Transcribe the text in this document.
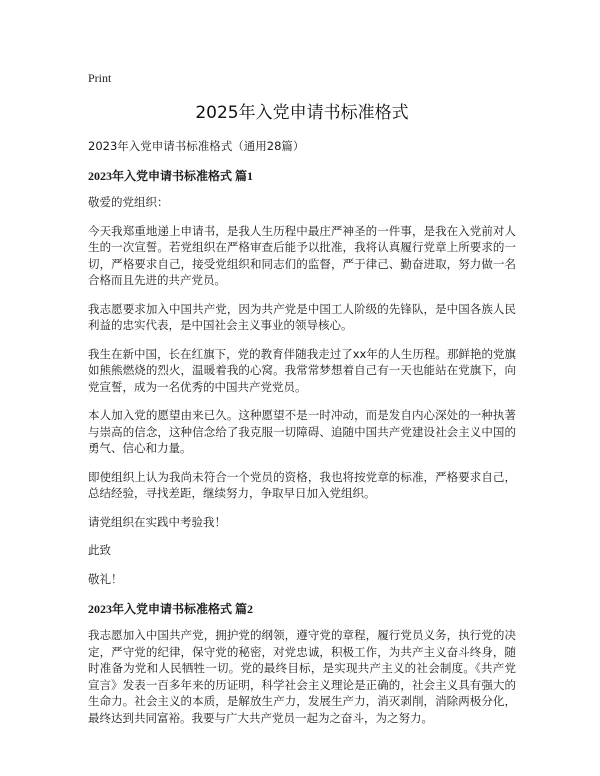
Print

2025年入党申请书标准格式

2023年入党申请书标准格式（通用28篇）

2023年入党申请书标准格式 篇1

敬爱的党组织：

今天我郑重地递上申请书，是我人生历程中最庄严神圣的一件事，是我在入党前对人生的一次宣誓。若党组织在严格审查后能予以批准，我将认真履行党章上所要求的一切，严格要求自己，接受党组织和同志们的监督，严于律己、勤奋进取，努力做一名合格而且先进的共产党员。

我志愿要求加入中国共产党，因为共产党是中国工人阶级的先锋队，是中国各族人民利益的忠实代表，是中国社会主义事业的领导核心。

我生在新中国，长在红旗下，党的教育伴随我走过了xx年的人生历程。那鲜艳的党旗如熊熊燃烧的烈火，温暖着我的心窝。我常常梦想着自己有一天也能站在党旗下，向党宣誓，成为一名优秀的中国共产党党员。

本人加入党的愿望由来已久。这种愿望不是一时冲动，而是发自内心深处的一种执著与崇高的信念，这种信念给了我克服一切障碍、追随中国共产党建设社会主义中国的勇气、信心和力量。

即使组织上认为我尚未符合一个党员的资格，我也将按党章的标准，严格要求自己，总结经验，寻找差距，继续努力，争取早日加入党组织。

请党组织在实践中考验我！

此致

敬礼！

2023年入党申请书标准格式 篇2

我志愿加入中国共产党，拥护党的纲领，遵守党的章程，履行党员义务，执行党的决定，严守党的纪律，保守党的秘密，对党忠诚，积极工作，为共产主义奋斗终身，随时准备为党和人民牺牲一切。党的最终目标，是实现共产主义的社会制度。《共产党宣言》发表一百多年来的历证明，科学社会主义理论是正确的，社会主义具有强大的生命力。社会主义的本质，是解放生产力，发展生产力，消灭剥削，消除两极分化，最终达到共同富裕。我要与广大共产党员一起为之奋斗，为之努力。
